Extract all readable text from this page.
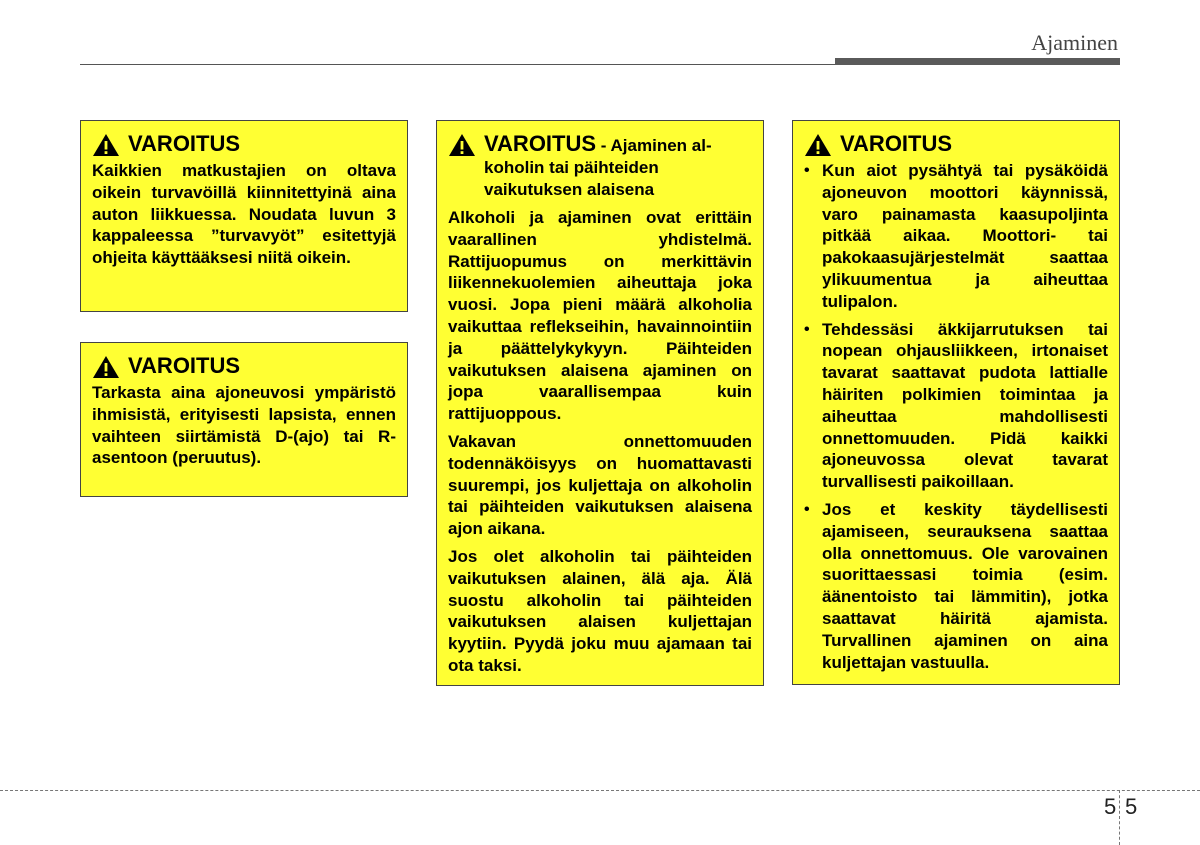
Ajaminen
VAROITUS

Kaikkien matkustajien on oltava oikein turvavöillä kiinnitettyinä aina auton liikkuessa. Noudata luvun 3 kappaleessa ”turvavyöt” esitettyjä ohjeita käyttääksesi niitä oikein.

VAROITUS

Tarkasta aina ajoneuvosi ympäristö ihmisistä, erityisesti lapsista, ennen vaihteen siirtämistä D-(ajo) tai R-asentoon (peruutus).

VAROITUS - Ajaminen al-
koholin tai päihteiden vaikutuksen alaisena

Alkoholi ja ajaminen ovat erittäin vaarallinen yhdistelmä. Rattijuopumus on merkittävin liikennekuolemien aiheuttaja joka vuosi. Jopa pieni määrä alkoholia vaikuttaa reflekseihin, havainnointiin ja päättelykykyyn. Päihteiden vaikutuksen alaisena ajaminen on jopa vaarallisempaa kuin rattijuoppous.

Vakavan onnettomuuden todennäköisyys on huomattavasti suurempi, jos kuljettaja on alkoholin tai päihteiden vaikutuksen alaisena ajon aikana.

Jos olet alkoholin tai päihteiden vaikutuksen alainen, älä aja. Älä suostu alkoholin tai päihteiden vaikutuksen alaisen kuljettajan kyytiin. Pyydä joku muu ajamaan tai ota taksi.

VAROITUS
• Kun aiot pysähtyä tai pysäköidä ajoneuvon moottori käynnissä, varo painamasta kaasupoljinta pitkää aikaa. Moottori- tai pakokaasujärjestelmät saattaa ylikuumentua ja aiheuttaa tulipalon.
• Tehdessäsi äkkijarrutuksen tai nopean ohjausliikkeen, irtonaiset tavarat saattavat pudota lattialle häiriten polkimien toimintaa ja aiheuttaa mahdollisesti onnettomuuden. Pidä kaikki ajoneuvossa olevat tavarat turvallisesti paikoillaan.
• Jos et keskity täydellisesti ajamiseen, seurauksena saattaa olla onnettomuus. Ole varovainen suorittaessasi toimia (esim. äänentoisto tai lämmitin), jotka saattavat häiritä ajamista. Turvallinen ajaminen on aina kuljettajan vastuulla.
5 5
